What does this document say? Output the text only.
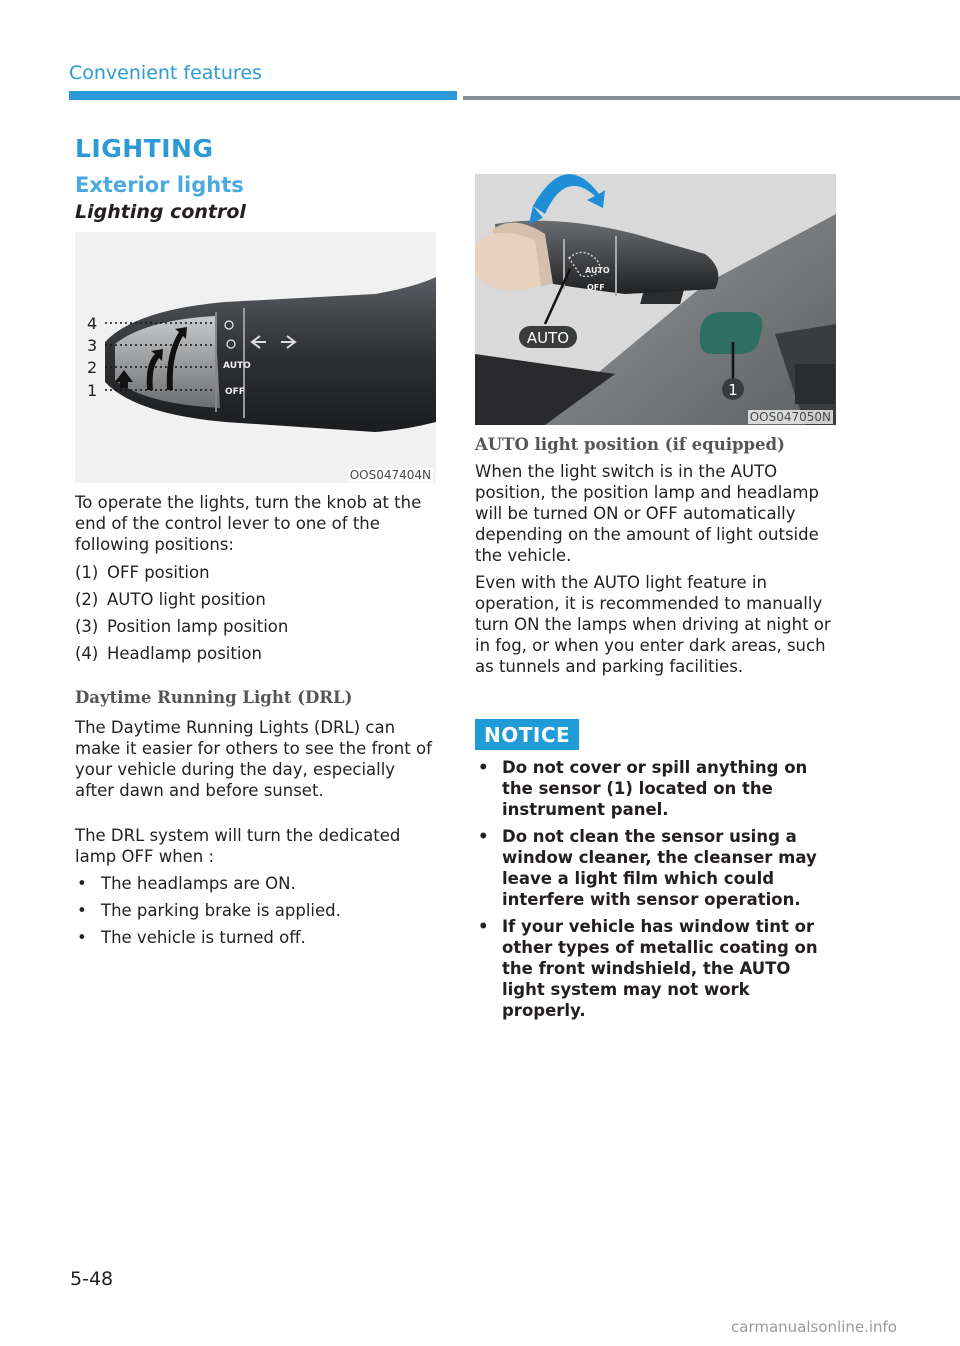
Convenient features
LIGHTING
Exterior lights
Lighting control
AUTO
OFF
4
3
2
1
OOS047404N
To operate the lights, turn the knob at the end of the control lever to one of the following positions:
(1) OFF position
(2) AUTO light position
(3) Position lamp position
(4) Headlamp position
Daytime Running Light (DRL)
The Daytime Running Lights (DRL) can make it easier for others to see the front of your vehicle during the day, especially after dawn and before sunset.
The DRL system will turn the dedicated lamp OFF when :
• The headlamps are ON.
• The parking brake is applied.
• The vehicle is turned off.
AUTO
OFF
AUTO
1
OOS047050N
AUTO light position (if equipped)
When the light switch is in the AUTO position, the position lamp and headlamp will be turned ON or OFF automatically depending on the amount of light outside the vehicle.
Even with the AUTO light feature in operation, it is recommended to manually turn ON the lamps when driving at night or in fog, or when you enter dark areas, such as tunnels and parking facilities.
NOTICE
• Do not cover or spill anything on the sensor (1) located on the instrument panel.
• Do not clean the sensor using a window cleaner, the cleanser may leave a light film which could interfere with sensor operation.
• If your vehicle has window tint or other types of metallic coating on the front windshield, the AUTO light system may not work properly.
5-48
carmanualsonline.info
